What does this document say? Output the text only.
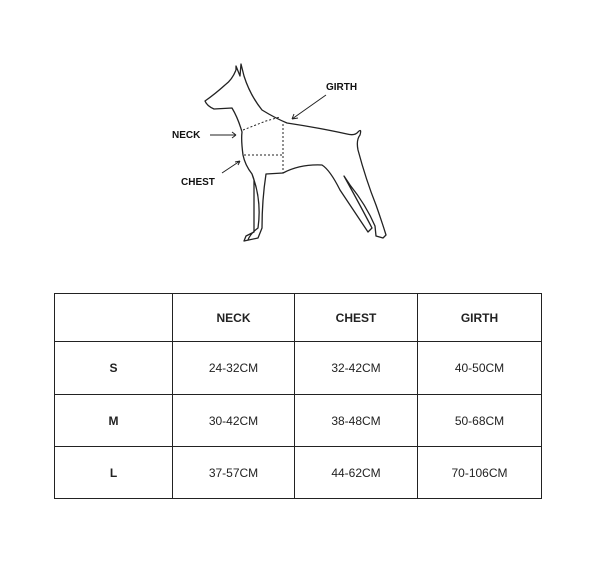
GIRTH
NECK
CHEST
	NECK	CHEST	GIRTH
S	24-32CM	32-42CM	40-50CM
M	30-42CM	38-48CM	50-68CM
L	37-57CM	44-62CM	70-106CM
